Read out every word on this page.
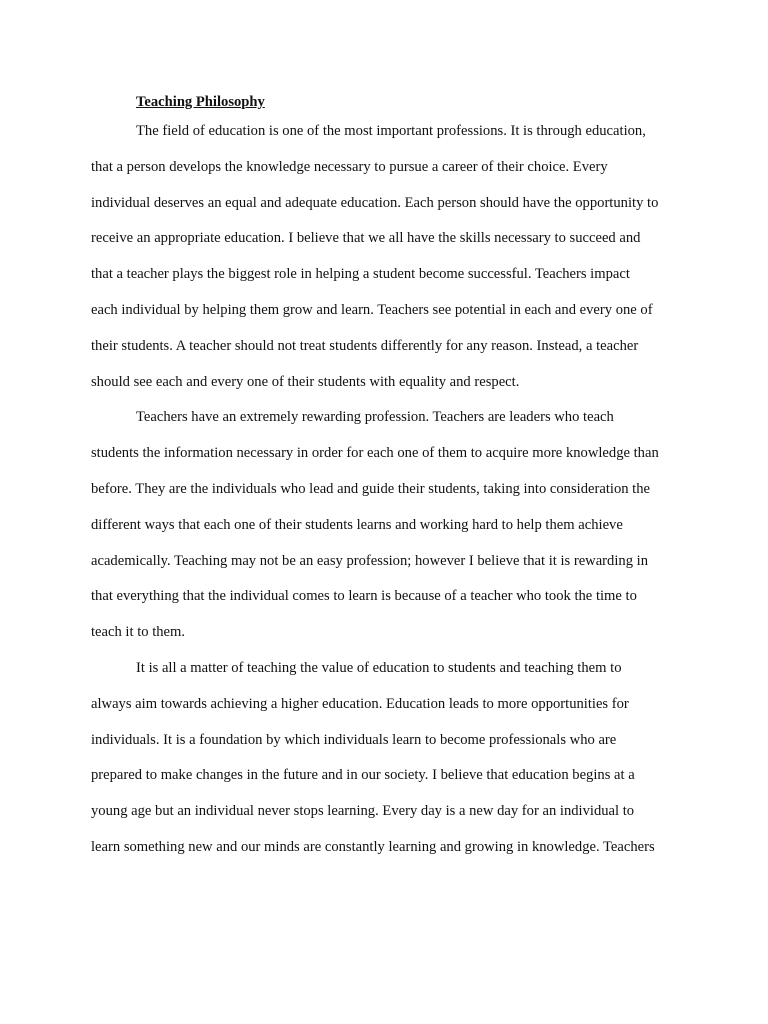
Teaching Philosophy

The field of education is one of the most important professions. It is through education,
that a person develops the knowledge necessary to pursue a career of their choice. Every
individual deserves an equal and adequate education. Each person should have the opportunity to
receive an appropriate education. I believe that we all have the skills necessary to succeed and
that a teacher plays the biggest role in helping a student become successful. Teachers impact
each individual by helping them grow and learn. Teachers see potential in each and every one of
their students. A teacher should not treat students differently for any reason. Instead, a teacher
should see each and every one of their students with equality and respect.

Teachers have an extremely rewarding profession. Teachers are leaders who teach
students the information necessary in order for each one of them to acquire more knowledge than
before. They are the individuals who lead and guide their students, taking into consideration the
different ways that each one of their students learns and working hard to help them achieve
academically. Teaching may not be an easy profession; however I believe that it is rewarding in
that everything that the individual comes to learn is because of a teacher who took the time to
teach it to them.

It is all a matter of teaching the value of education to students and teaching them to
always aim towards achieving a higher education. Education leads to more opportunities for
individuals. It is a foundation by which individuals learn to become professionals who are
prepared to make changes in the future and in our society. I believe that education begins at a
young age but an individual never stops learning. Every day is a new day for an individual to
learn something new and our minds are constantly learning and growing in knowledge. Teachers
